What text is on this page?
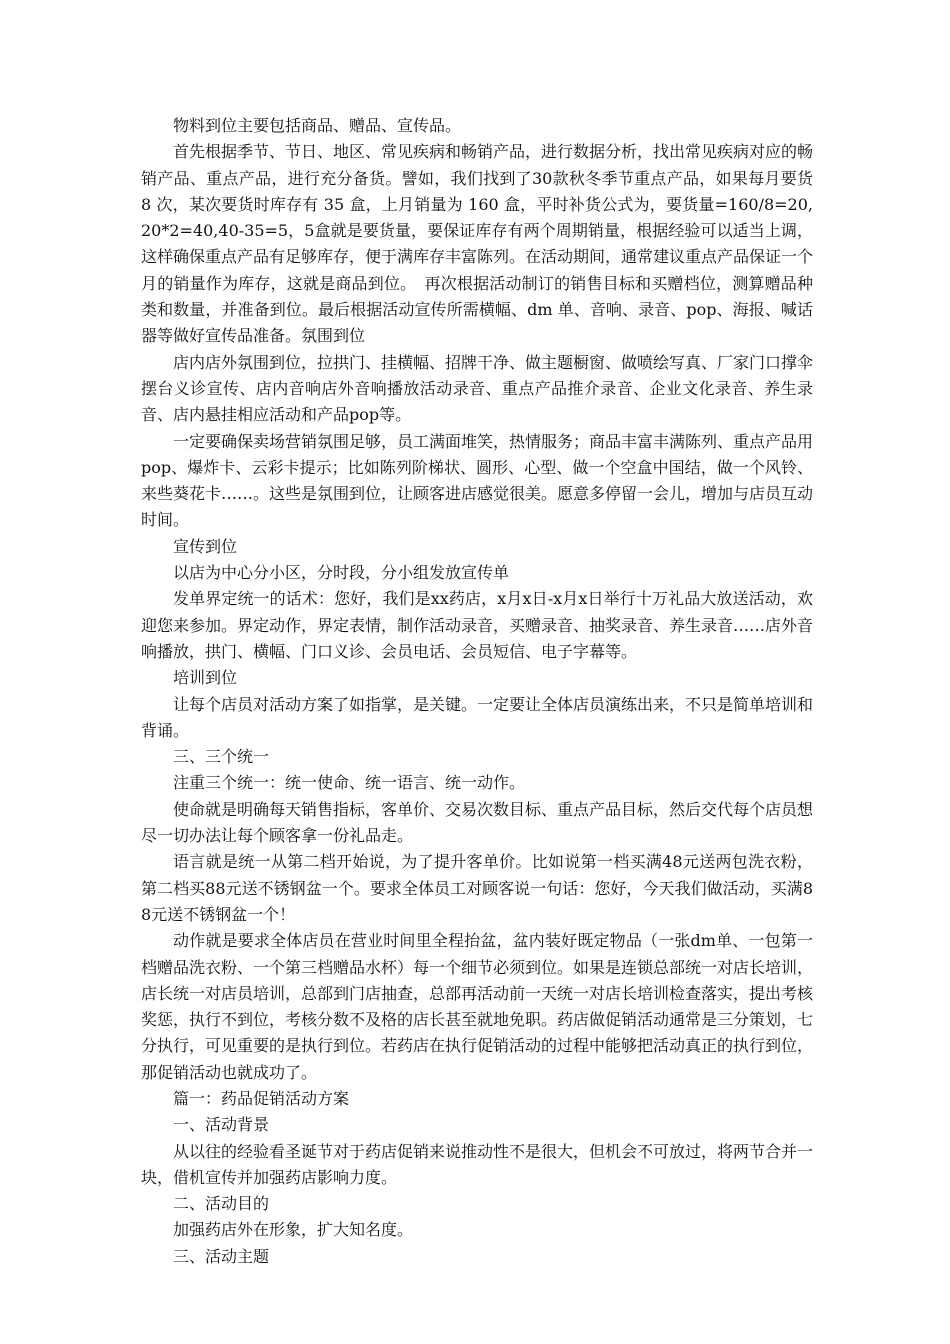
物料到位主要包括商品、赠品、宣传品。

首先根据季节、节日、地区、常见疾病和畅销产品，进行数据分析，找出常见疾病对应的畅销产品、重点产品，进行充分备货。譬如，我们找到了30款秋冬季节重点产品，如果每月要货 8 次，某次要货时库存有 35 盒，上月销量为 160 盒，平时补货公式为，要货量=160/8=20,20*2=40,40-35=5，5盒就是要货量，要保证库存有两个周期销量，根据经验可以适当上调，这样确保重点产品有足够库存，便于满库存丰富陈列。在活动期间，通常建议重点产品保证一个月的销量作为库存，这就是商品到位。　再次根据活动制订的销售目标和买赠档位，测算赠品种类和数量，并准备到位。最后根据活动宣传所需横幅、dm 单、音响、录音、pop、海报、喊话器等做好宣传品准备。氛围到位

店内店外氛围到位，拉拱门、挂横幅、招牌干净、做主题橱窗、做喷绘写真、厂家门口撑伞摆台义诊宣传、店内音响店外音响播放活动录音、重点产品推介录音、企业文化录音、养生录音、店内悬挂相应活动和产品pop等。

一定要确保卖场营销氛围足够，员工满面堆笑，热情服务；商品丰富丰满陈列、重点产品用 pop、爆炸卡、云彩卡提示；比如陈列阶梯状、圆形、心型、做一个空盒中国结，做一个风铃、来些葵花卡……。这些是氛围到位，让顾客进店感觉很美。愿意多停留一会儿，增加与店员互动时间。

宣传到位

以店为中心分小区，分时段，分小组发放宣传单

发单界定统一的话术：您好，我们是xx药店，x月x日-x月x日举行十万礼品大放送活动，欢迎您来参加。界定动作，界定表情，制作活动录音，买赠录音、抽奖录音、养生录音……店外音响播放，拱门、横幅、门口义诊、会员电话、会员短信、电子字幕等。

培训到位

让每个店员对活动方案了如指掌，是关键。一定要让全体店员演练出来，不只是简单培训和背诵。

三、三个统一

注重三个统一：统一使命、统一语言、统一动作。

使命就是明确每天销售指标，客单价、交易次数目标、重点产品目标，然后交代每个店员想尽一切办法让每个顾客拿一份礼品走。

语言就是统一从第二档开始说，为了提升客单价。比如说第一档买满48元送两包洗衣粉，第二档买88元送不锈钢盆一个。要求全体员工对顾客说一句话：您好，今天我们做活动，买满88元送不锈钢盆一个！

动作就是要求全体店员在营业时间里全程抬盆，盆内装好既定物品（一张dm单、一包第一档赠品洗衣粉、一个第三档赠品水杯）每一个细节必须到位。如果是连锁总部统一对店长培训，店长统一对店员培训，总部到门店抽查，总部再活动前一天统一对店长培训检查落实，提出考核奖惩，执行不到位，考核分数不及格的店长甚至就地免职。药店做促销活动通常是三分策划，七分执行，可见重要的是执行到位。若药店在执行促销活动的过程中能够把活动真正的执行到位，那促销活动也就成功了。

篇一：药品促销活动方案

一、活动背景

从以往的经验看圣诞节对于药店促销来说推动性不是很大，但机会不可放过，将两节合并一块，借机宣传并加强药店影响力度。

二、活动目的

加强药店外在形象，扩大知名度。

三、活动主题
